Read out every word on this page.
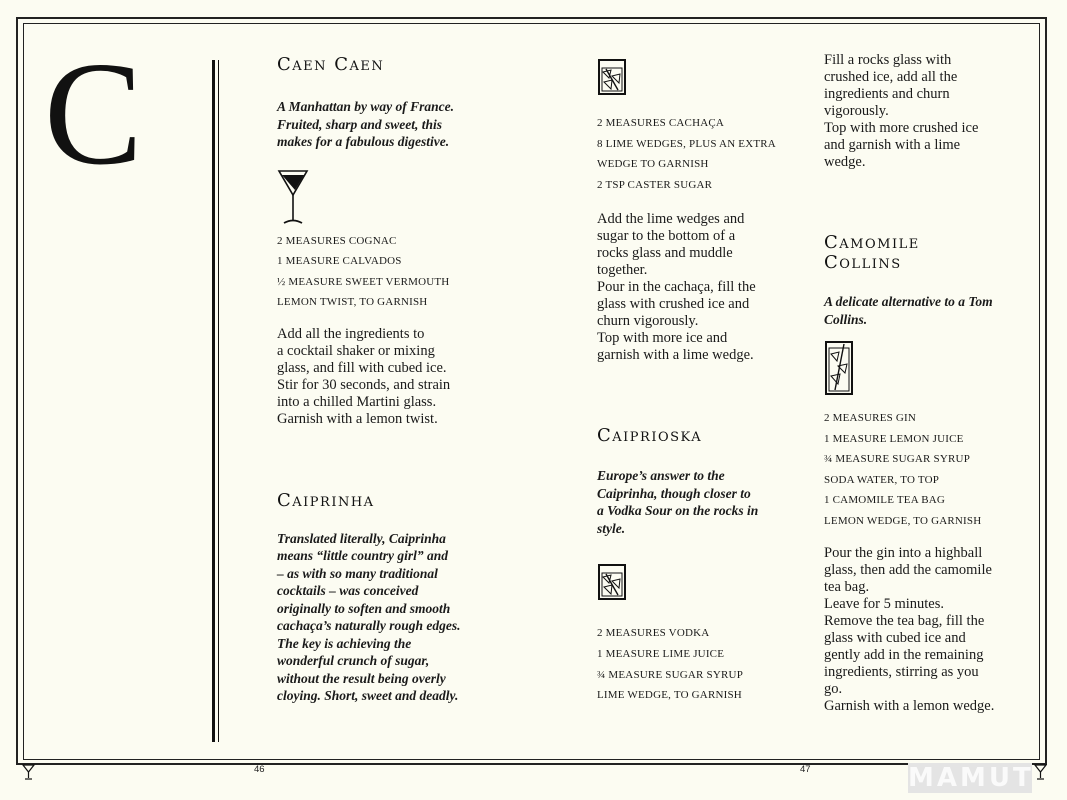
C	Caen Caen

A Manhattan by way of France.

Fruited, sharp and sweet, this

makes for a fabulous digestive.

2 MEASURES COGNAC

1 MEASURE CALVADOS

½ MEASURE SWEET VERMOUTH

LEMON TWIST, TO GARNISH

Add all the ingredients to

a cocktail shaker or mixing

glass, and fill with cubed ice.

Stir for 30 seconds, and strain

into a chilled Martini glass.

Garnish with a lemon twist.

Caiprinha

Translated literally, Caiprinha

means “little country girl” and

– as with so many traditional

cocktails – was conceived

originally to soften and smooth

cachaça’s naturally rough edges.

The key is achieving the

wonderful crunch of sugar,

without the result being overly

cloying. Short, sweet and deadly.

2 MEASURES CACHAÇA

8 LIME WEDGES, PLUS AN EXTRA

WEDGE TO GARNISH

2 TSP CASTER SUGAR

Add the lime wedges and

sugar to the bottom of a

rocks glass and muddle

together.

Pour in the cachaça, fill the

glass with crushed ice and

churn vigorously.

Top with more ice and

garnish with a lime wedge.

Caiprioska

Europe’s answer to the

Caiprinha, though closer to

a Vodka Sour on the rocks in

style.

2 MEASURES VODKA

1 MEASURE LIME JUICE

¾ MEASURE SUGAR SYRUP

LIME WEDGE, TO GARNISH

Fill a rocks glass with

crushed ice, add all the

ingredients and churn

vigorously.

Top with more crushed ice

and garnish with a lime

wedge.

Camomile
Collins

A delicate alternative to a Tom

Collins.

2 MEASURES GIN

1 MEASURE LEMON JUICE

¾ MEASURE SUGAR SYRUP

SODA WATER, TO TOP

1 CAMOMILE TEA BAG

LEMON WEDGE, TO GARNISH

Pour the gin into a highball

glass, then add the camomile

tea bag.

Leave for 5 minutes.

Remove the tea bag, fill the

glass with cubed ice and

gently add in the remaining

ingredients, stirring as you

go.

Garnish with a lemon wedge.

46	47	MAMUT
